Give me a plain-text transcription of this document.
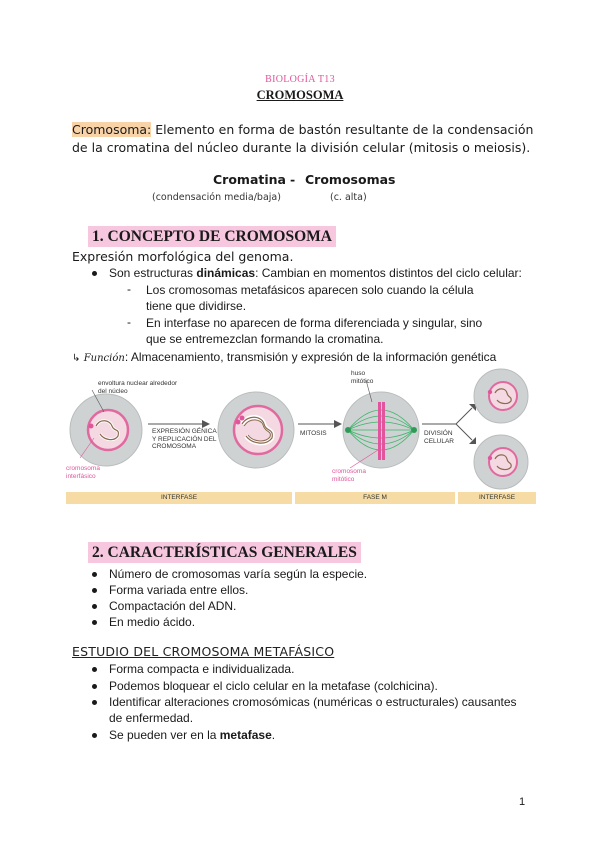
BIOLOGÍA T13
CROMOSOMA
Cromosoma: Elemento en forma de bastón resultante de la condensación de la cromatina del núcleo durante la división celular (mitosis o meiosis).
Cromatina - Cromosomas
(condensación media/baja)	(c. alta)
1. CONCEPTO DE CROMOSOMA
Expresión morfológica del genoma.
Son estructuras dinámicas: Cambian en momentos distintos del ciclo celular:
- Los cromosomas metafásicos aparecen solo cuando la célula
tiene que dividirse.
- En interfase no aparecen de forma diferenciada y singular, sino
que se entremezclan formando la cromatina.
↳ Función: Almacenamiento, transmisión y expresión de la información genética
envoltura nuclear alrededor del núcleo
cromosoma interfásico
EXPRESIÓN GÉNICA Y REPLICACIÓN DEL CROMOSOMA
MITOSIS
huso mitótico
cromosoma mitótico
DIVISIÓN CELULAR
INTERFASE	FASE M	INTERFASE
2. CARACTERÍSTICAS GENERALES
Número de cromosomas varía según la especie.
Forma variada entre ellos.
Compactación del ADN.
En medio ácido.
ESTUDIO DEL CROMOSOMA METAFÁSICO
Forma compacta e individualizada.
Podemos bloquear el ciclo celular en la metafase (colchicina).
Identificar alteraciones cromosómicas (numéricas o estructurales) causantes
de enfermedad.
Se pueden ver en la metafase.
1
